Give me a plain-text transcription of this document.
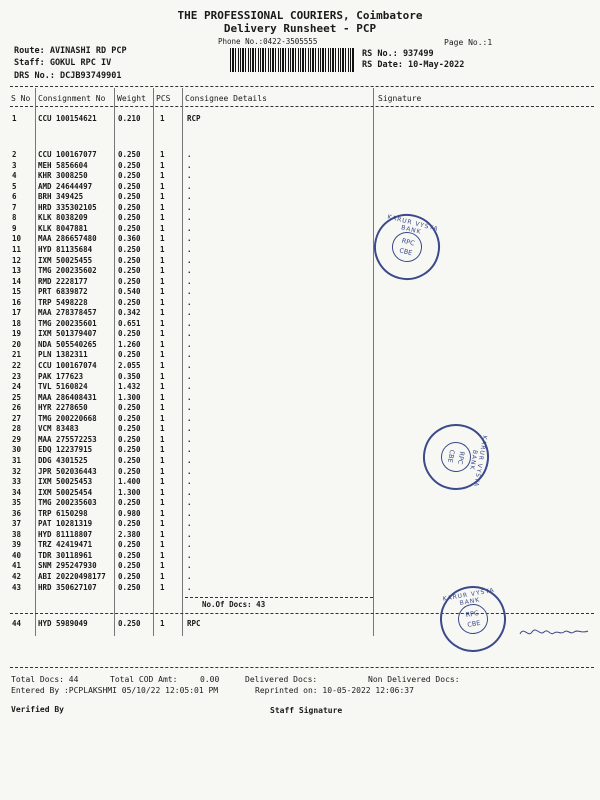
THE PROFESSIONAL COURIERS, Coimbatore
Delivery Runsheet - PCP
Phone No.:0422-3505555	Page No.:1
Route: AVINASHI RD PCP
Staff: GOKUL RPC IV
DRS No.: DCJB93749901
RS No.: 937499
RS Date: 10-May-2022
S No Consignment No Weight PCS Consignee Details	Signature
1	CCU 100154621	0.210	1	RCP
2	CCU 100167077	0.250	1	.
3	MEH 5856604	0.250	1	.
4	KHR 3008250	0.250	1	.
5	AMD 24644497	0.250	1	.
6	BRH 349425	0.250	1	.
7	HRD 335302105	0.250	1	.
8	KLK 8038209	0.250	1	.
9	KLK 8047881	0.250	1	.
10 MAA 286657480	0.360	1	.
11 HYD 81135684	0.250	1	.
12 IXM 50025455	0.250	1	.
13 TMG 200235602	0.250	1	.
14 RMD 2228177	0.250	1	.
15 PRT 6839872	0.540	1	.
16 TRP 5498228	0.250	1	.
17 MAA 278378457	0.342	1	.
18 TMG 200235601	0.651	1	.
19 IXM 501379407	0.250	1	.
20 NDA 505540265	1.260	1	.
21 PLN 1382311	0.250	1	.
22 CCU 100167074	2.055	1	.
23 PAK 177623	0.350	1	.
24 TVL 5160824	1.432	1	.
25 MAA 286408431	1.300	1	.
26 HYR 2278650	0.250	1	.
27 TMG 200220668	0.250	1	.
28 VCM 83483	0.250	1	.
29 MAA 275572253	0.250	1	.
30 EDQ 12237915	0.250	1	.
31 DDG 4301525	0.250	1	.
32 JPR 502036443	0.250	1	.
33 IXM 50025453	1.400	1	.
34 IXM 50025454	1.300	1	.
35 TMG 200235603	0.250	1	.
36 TRP 6150298	0.980	1	.
37 PAT 10281319	0.250	1	.
38 HYD 81118807	2.380	1	.
39 TRZ 42419471	0.250	1	.
40 TDR 30118961	0.250	1	.
41 SNM 295247930	0.250	1	.
42 ABI 20220498177 0.250	1	.
43 HRD 350627107	0.250	1	.
No.Of Docs: 43
44 HYD 5989049	0.250	1	RPC
KARUR VYSYA BANK
RPC
CBE
KARUR VYSYA BANK
RPC
CBE
KARUR VYSYA BANK
RPC
CBE
Total Docs: 44	Total COD Amt:	0.00	Delivered Docs:	Non Delivered Docs:
Entered By :PCPLAKSHMI 05/10/22 12:05:01 PM	Reprinted on: 10-05-2022 12:06:37
Verified By	Staff Signature
